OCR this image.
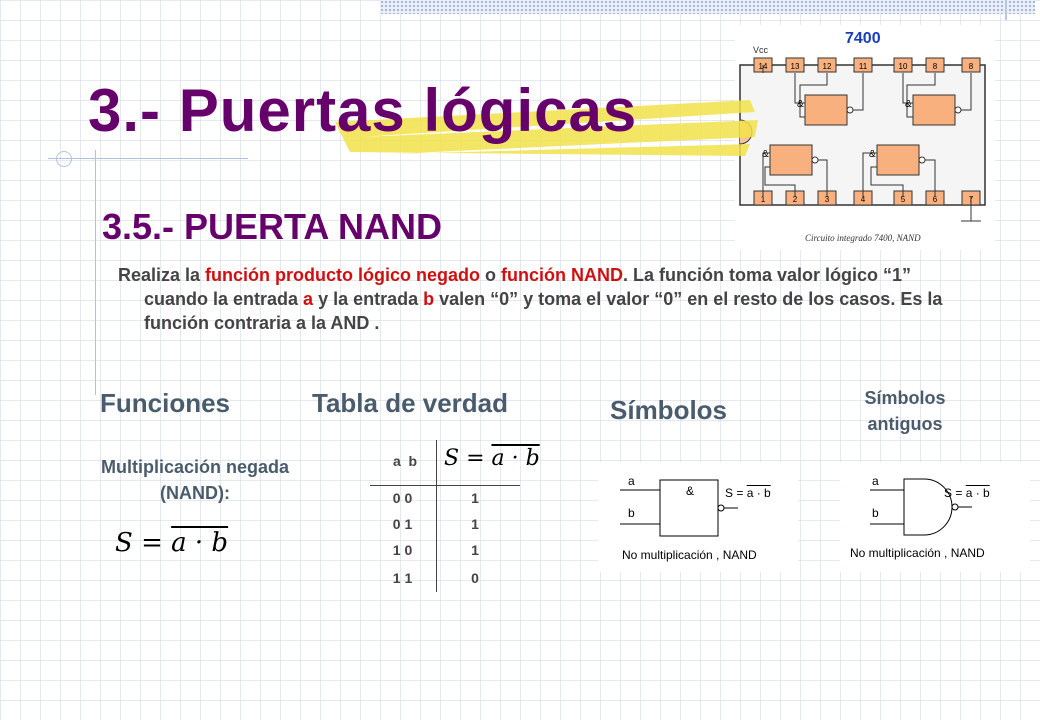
3.- Puertas lógicas
14	13	12	11	10	8	8
1	2	3	4	5	6	7
&	&
&	&
7400
Vcc
Circuito integrado 7400, NAND
3.5.- PUERTA NAND
Realiza la función producto lógico negado o función NAND. La función toma valor lógico “1” cuando la entrada a y la entrada b valen “0” y toma el valor “0” en el resto de los casos. Es la función contraria a la AND .
Funciones
Multiplicación negada (NAND):
S = a · b
Tabla de verdad
a  b	S = a · b
0 0	1
0 1	1
1 0	1
1 1	0
Símbolos
a
b
&	S = a · b
No multiplicación , NAND
Símbolos antiguos
a
b
S = a · b
No multiplicación , NAND
